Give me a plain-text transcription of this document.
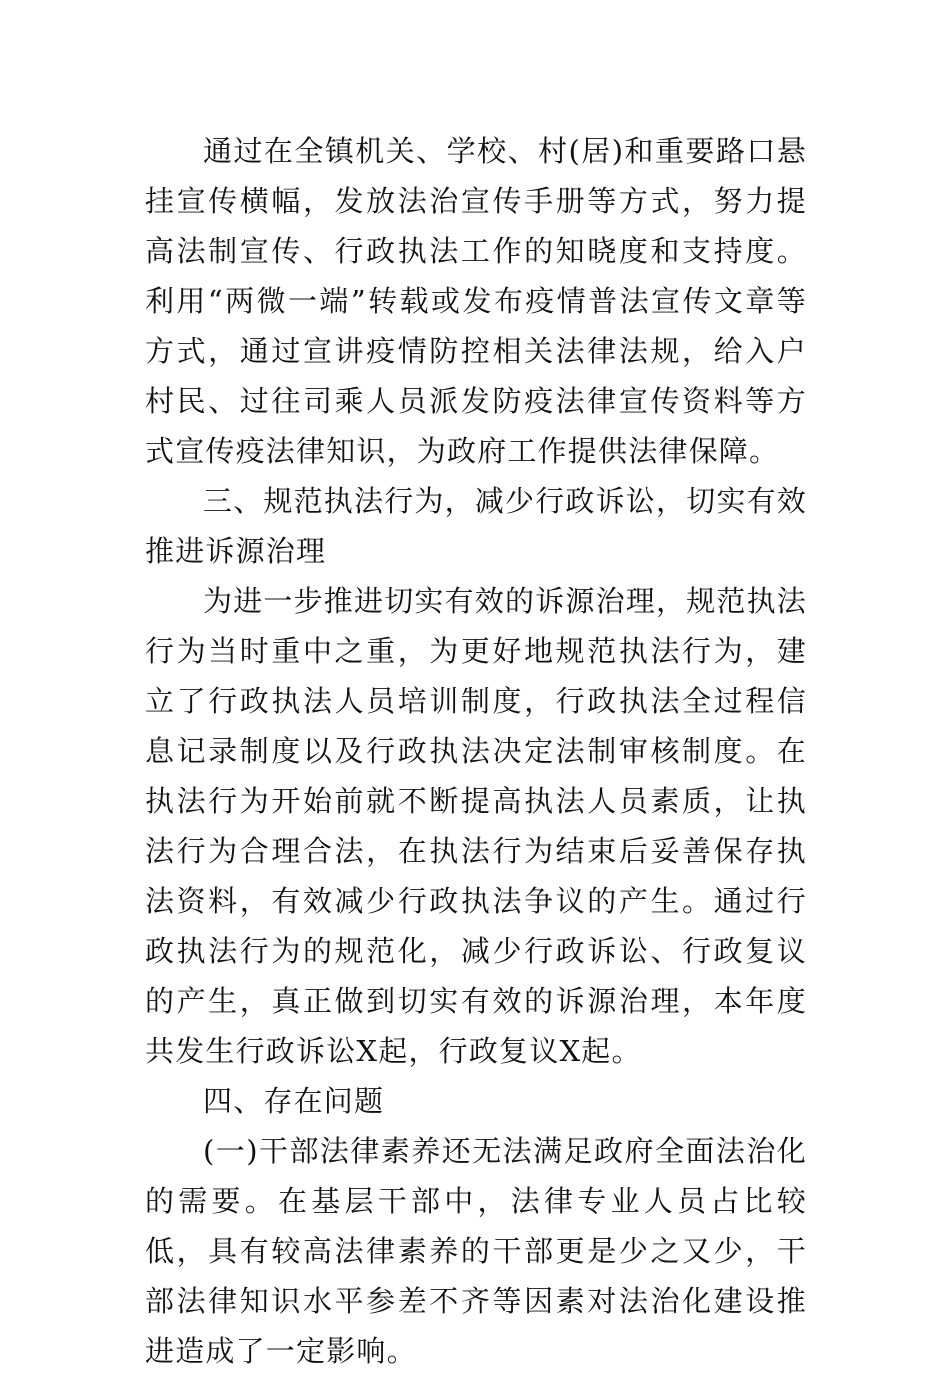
通过在全镇机关、学校、村(居)和重要路口悬挂宣传横幅，发放法治宣传手册等方式，努力提高法制宣传、行政执法工作的知晓度和支持度。利用“两微一端”转载或发布疫情普法宣传文章等方式，通过宣讲疫情防控相关法律法规，给入户村民、过往司乘人员派发防疫法律宣传资料等方式宣传疫法律知识，为政府工作提供法律保障。

三、规范执法行为，减少行政诉讼，切实有效推进诉源治理

为进一步推进切实有效的诉源治理，规范执法行为当时重中之重，为更好地规范执法行为，建立了行政执法人员培训制度，行政执法全过程信息记录制度以及行政执法决定法制审核制度。在执法行为开始前就不断提高执法人员素质，让执法行为合理合法，在执法行为结束后妥善保存执法资料，有效减少行政执法争议的产生。通过行政执法行为的规范化，减少行政诉讼、行政复议的产生，真正做到切实有效的诉源治理，本年度共发生行政诉讼X起，行政复议X起。

四、存在问题

(一)干部法律素养还无法满足政府全面法治化的需要。在基层干部中，法律专业人员占比较低，具有较高法律素养的干部更是少之又少，干部法律知识水平参差不齐等因素对法治化建设推进造成了一定影响。
